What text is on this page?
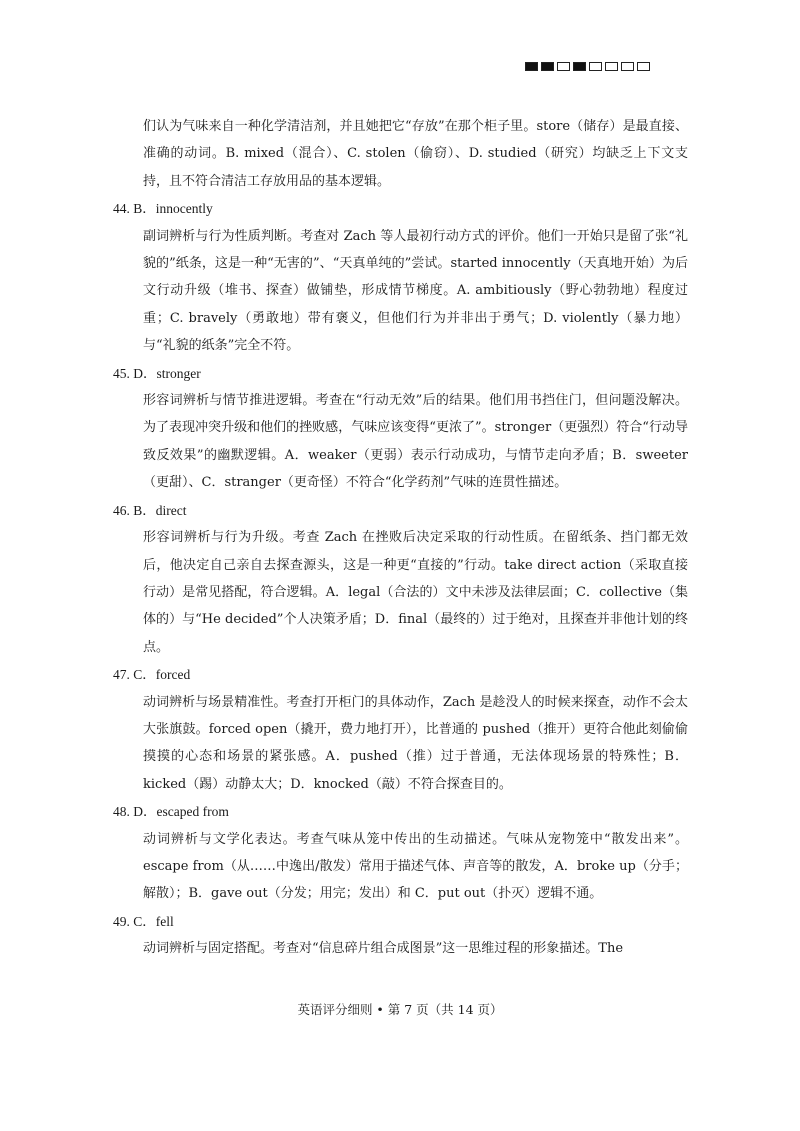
们认为气味来自一种化学清洁剂，并且她把它“存放”在那个柜子里。store（储存）是最直接、准确的动词。B. mixed（混合）、C. stolen（偷窃）、D. studied（研究）均缺乏上下文支持，且不符合清洁工存放用品的基本逻辑。

44. B．innocently

副词辨析与行为性质判断。考查对 Zach 等人最初行动方式的评价。他们一开始只是留了张“礼貌的”纸条，这是一种“无害的”、“天真单纯的”尝试。started innocently（天真地开始）为后文行动升级（堆书、探查）做铺垫，形成情节梯度。A. ambitiously（野心勃勃地）程度过重；C. bravely（勇敢地）带有褒义，但他们行为并非出于勇气；D. violently（暴力地）与“礼貌的纸条”完全不符。

45. D．stronger

形容词辨析与情节推进逻辑。考查在“行动无效”后的结果。他们用书挡住门，但问题没解决。为了表现冲突升级和他们的挫败感，气味应该变得“更浓了”。stronger（更强烈）符合“行动导致反效果”的幽默逻辑。A．weaker（更弱）表示行动成功，与情节走向矛盾；B．sweeter（更甜）、C．stranger（更奇怪）不符合“化学药剂”气味的连贯性描述。

46. B．direct

形容词辨析与行为升级。考查 Zach 在挫败后决定采取的行动性质。在留纸条、挡门都无效后，他决定自己亲自去探查源头，这是一种更“直接的”行动。take direct action（采取直接行动）是常见搭配，符合逻辑。A．legal（合法的）文中未涉及法律层面；C．collective（集体的）与“He decided”个人决策矛盾；D．final（最终的）过于绝对，且探查并非他计划的终点。

47. C．forced

动词辨析与场景精准性。考查打开柜门的具体动作，Zach 是趁没人的时候来探查，动作不会太大张旗鼓。forced open（撬开，费力地打开），比普通的 pushed（推开）更符合他此刻偷偷摸摸的心态和场景的紧张感。A．pushed（推）过于普通，无法体现场景的特殊性；B．kicked（踢）动静太大；D．knocked（敲）不符合探查目的。

48. D．escaped from

动词辨析与文学化表达。考查气味从笼中传出的生动描述。气味从宠物笼中“散发出来”。escape from（从……中逸出/散发）常用于描述气体、声音等的散发，A．broke up（分手；解散）；B．gave out（分发；用完；发出）和 C．put out（扑灭）逻辑不通。

49. C．fell

动词辨析与固定搭配。考查对“信息碎片组合成图景”这一思维过程的形象描述。The

英语评分细则 • 第 7 页（共 14 页）
